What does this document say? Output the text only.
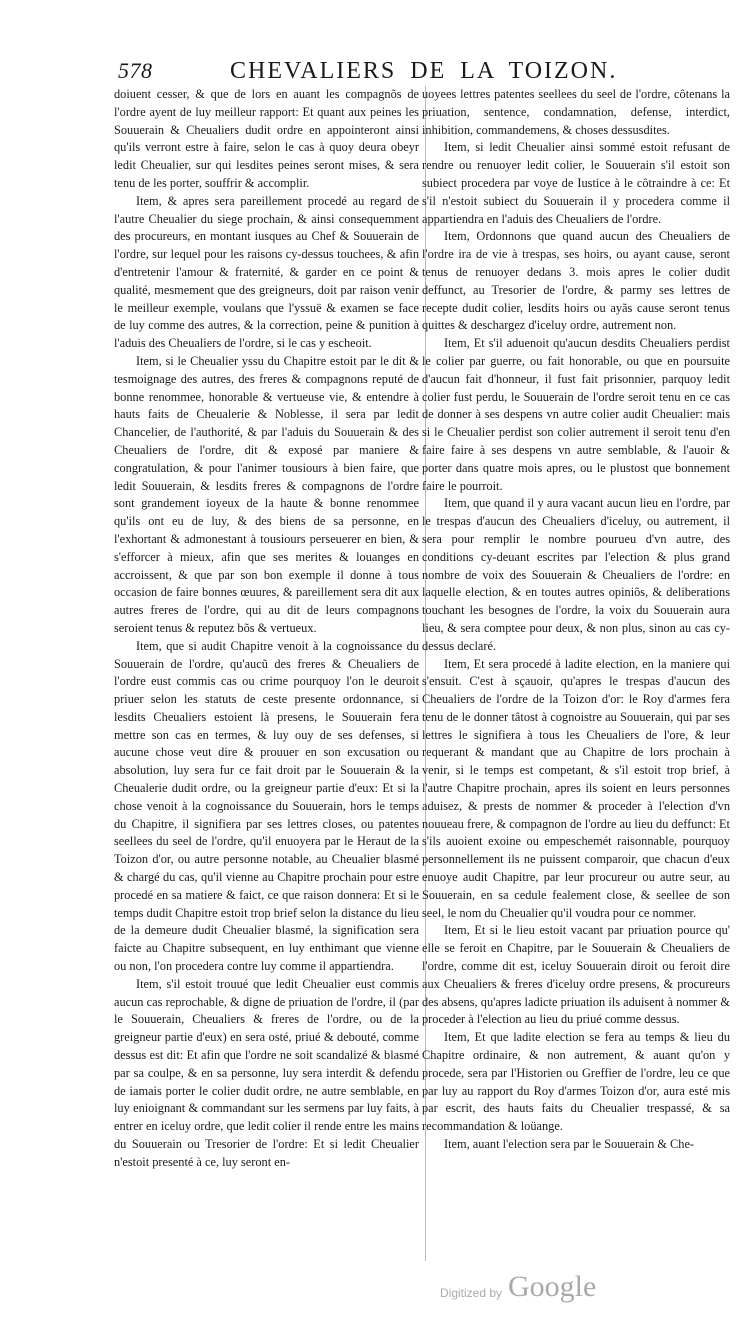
578	CHEVALIERS DE LA TOIZON.

doiuent cesser, & que de lors en auant les compagnõs de l'ordre ayent de luy meilleur rapport: Et quant aux peines les Souuerain & Cheualiers dudit ordre en appointeront ainsi qu'ils verront estre à faire, selon le cas à quoy deura obeyr ledit Cheualier, sur qui lesdites peines seront mises, & sera tenu de les porter, souffrir & accomplir.

Item, & apres sera pareillement procedé au regard de l'autre Cheualier du siege prochain, & ainsi consequemment des procureurs, en montant iusques au Chef & Souuerain de l'ordre, sur lequel pour les raisons cy-dessus touchees, & afin d'entretenir l'amour & fraternité, & garder en ce point & qualité, mesmement que des greigneurs, doit par raison venir le meilleur exemple, voulans que l'yssuë & examen se face de luy comme des autres, & la correction, peine & punition à l'aduis des Cheualiers de l'ordre, si le cas y escheoit.

Item, si le Cheualier yssu du Chapitre estoit par le dit & tesmoignage des autres, des freres & compagnons reputé de bonne renommee, honorable & vertueuse vie, & entendre à hauts faits de Cheualerie & Noblesse, il sera par ledit Chancelier, de l'authorité, & par l'aduis du Souuerain & des Cheualiers de l'ordre, dit & exposé par maniere & congratulation, & pour l'animer tousiours à bien faire, que ledit Souuerain, & lesdits freres & compagnons de l'ordre sont grandement ioyeux de la haute & bonne renommee qu'ils ont eu de luy, & des biens de sa personne, en l'exhortant & admonestant à tousiours perseuerer en bien, & s'efforcer à mieux, afin que ses merites & louanges en accroissent, & que par son bon exemple il donne à tous occasion de faire bonnes œuures, & pareillement sera dit aux autres freres de l'ordre, qui au dit de leurs compagnons seroient tenus & reputez bõs & vertueux.

Item, que si audit Chapitre venoit à la cognoissance du Souuerain de l'ordre, qu'aucũ des freres & Cheualiers de l'ordre eust commis cas ou crime pourquoy l'on le deuroit priuer selon les statuts de ceste presente ordonnance, si lesdits Cheualiers estoient là presens, le Souuerain fera mettre son cas en termes, & luy ouy de ses defenses, si aucune chose veut dire & prouuer en son excusation ou absolution, luy sera fur ce fait droit par le Souuerain & la Cheualerie dudit ordre, ou la greigneur partie d'eux: Et si la chose venoit à la cognoissance du Souuerain, hors le temps du Chapitre, il signifiera par ses lettres closes, ou patentes seellees du seel de l'ordre, qu'il enuoyera par le Heraut de la Toizon d'or, ou autre personne notable, au Cheualier blasmé & chargé du cas, qu'il vienne au Chapitre prochain pour estre procedé en sa matiere & faict, ce que raison donnera: Et si le temps dudit Chapitre estoit trop brief selon la distance du lieu de la demeure dudit Cheualier blasmé, la signification sera faicte au Chapitre subsequent, en luy enthimant que vienne ou non, l'on procedera contre luy comme il appartiendra.

Item, s'il estoit trouué que ledit Cheualier eust commis aucun cas reprochable, & digne de priuation de l'ordre, il (par le Souuerain, Cheualiers & freres de l'ordre, ou de la greigneur partie d'eux) en sera osté, priué & debouté, comme dessus est dit: Et afin que l'ordre ne soit scandalizé & blasmé par sa coulpe, & en sa personne, luy sera interdit & defendu de iamais porter le colier dudit ordre, ne autre semblable, en luy enioignant & commandant sur les sermens par luy faits, à entrer en iceluy ordre, que ledit colier il rende entre les mains du Souuerain ou Tresorier de l'ordre: Et si ledit Cheualier n'estoit presenté à ce, luy seront en-

uoyees lettres patentes seellees du seel de l'ordre, côtenans la priuation, sentence, condamnation, defense, interdict, inhibition, commandemens, & choses dessusdites.

Item, si ledit Cheualier ainsi sommé estoit refusant de rendre ou renuoyer ledit colier, le Souuerain s'il estoit son subiect procedera par voye de Iustice à le côtraindre à ce: Et s'il n'estoit subiect du Souuerain il y procedera comme il appartiendra en l'aduis des Cheualiers de l'ordre.

Item, Ordonnons que quand aucun des Cheualiers de l'ordre ira de vie à trespas, ses hoirs, ou ayant cause, seront tenus de renuoyer dedans 3. mois apres le colier dudit deffunct, au Tresorier de l'ordre, & parmy ses lettres de recepte dudit colier, lesdits hoirs ou ayãs cause seront tenus quittes & deschargez d'iceluy ordre, autrement non.

Item, Et s'il aduenoit qu'aucun desdits Cheualiers perdist le colier par guerre, ou fait honorable, ou que en poursuite d'aucun fait d'honneur, il fust fait prisonnier, parquoy ledit colier fust perdu, le Souuerain de l'ordre seroit tenu en ce cas de donner à ses despens vn autre colier audit Cheualier: mais si le Cheualier perdist son colier autrement il seroit tenu d'en faire faire à ses despens vn autre semblable, & l'auoir & porter dans quatre mois apres, ou le plustost que bonnement faire le pourroit.

Item, que quand il y aura vacant aucun lieu en l'ordre, par le trespas d'aucun des Cheualiers d'iceluy, ou autrement, il sera pour remplir le nombre pourueu d'vn autre, des conditions cy-deuant escrites par l'election & plus grand nombre de voix des Souuerain & Cheualiers de l'ordre: en laquelle election, & en toutes autres opiniõs, & deliberations touchant les besognes de l'ordre, la voix du Souuerain aura lieu, & sera comptee pour deux, & non plus, sinon au cas cy-dessus declaré.

Item, Et sera procedé à ladite election, en la maniere qui s'ensuit. C'est à sçauoir, qu'apres le trespas d'aucun des Cheualiers de l'ordre de la Toizon d'or: le Roy d'armes fera tenu de le donner tâtost à cognoistre au Souuerain, qui par ses lettres le signifiera à tous les Cheualiers de l'ore, & leur requerant & mandant que au Chapitre de lors prochain à venir, si le temps est competant, & s'il estoit trop brief, à l'autre Chapitre prochain, apres ils soient en leurs personnes aduisez, & prests de nommer & proceder à l'election d'vn nouueau frere, & compagnon de l'ordre au lieu du deffunct: Et s'ils auoient exoine ou empeschemét raisonnable, pourquoy personnellement ils ne puissent comparoir, que chacun d'eux enuoye audit Chapitre, par leur procureur ou autre seur, au Souuerain, en sa cedule fealement close, & seellee de son seel, le nom du Cheualier qu'il voudra pour ce nommer.

Item, Et si le lieu estoit vacant par priuation pource qu' elle se feroit en Chapitre, par le Souuerain & Cheualiers de l'ordre, comme dit est, iceluy Souuerain diroit ou feroit dire aux Cheualiers & freres d'iceluy ordre presens, & procureurs des absens, qu'apres ladicte priuation ils aduisent à nommer & proceder à l'election au lieu du priué comme dessus.

Item, Et que ladite election se fera au temps & lieu du Chapitre ordinaire, & non autrement, & auant qu'on y procede, sera par l'Historien ou Greffier de l'ordre, leu ce que par luy au rapport du Roy d'armes Toizon d'or, aura esté mis par escrit, des hauts faits du Cheualier trespassé, & sa recommandation & loüange.

Item, auant l'election sera par le Souuerain & Che-

Digitized by Google
